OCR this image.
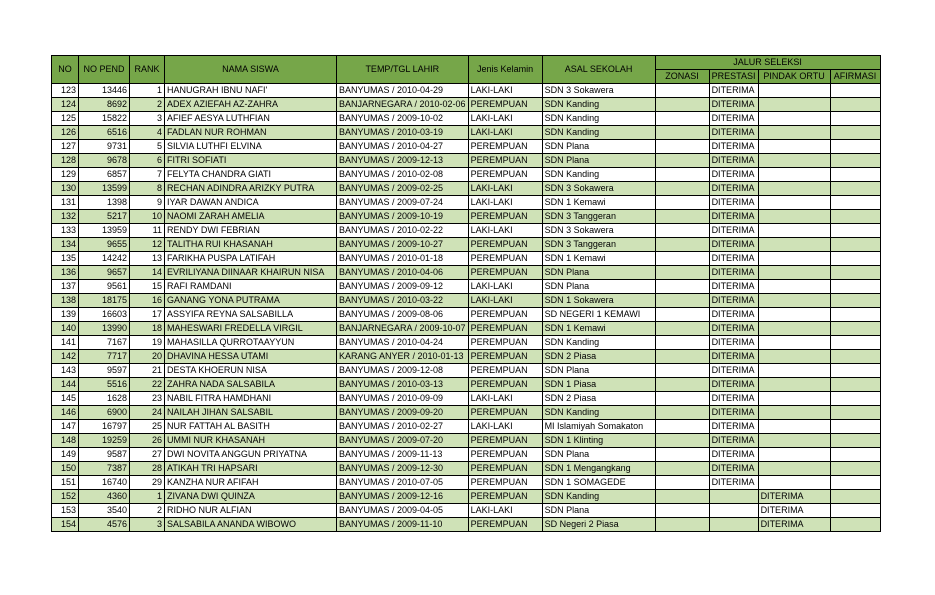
NO	NO PEND	RANK	NAMA SISWA	TEMP/TGL LAHIR	Jenis Kelamin	ASAL SEKOLAH	JALUR SELEKSI			
							ZONASI	PRESTASI	PINDAK ORTU	AFIRMASI
123	13446	1	HANUGRAH IBNU NAFI'	BANYUMAS / 2010-04-29	LAKI-LAKI	SDN 3 Sokawera		DITERIMA		
124	8692	2	ADEX AZIEFAH AZ-ZAHRA	BANJARNEGARA / 2010-02-06	PEREMPUAN	SDN Kanding		DITERIMA		
125	15822	3	AFIEF AESYA LUTHFIAN	BANYUMAS / 2009-10-02	LAKI-LAKI	SDN Kanding		DITERIMA		
126	6516	4	FADLAN NUR ROHMAN	BANYUMAS / 2010-03-19	LAKI-LAKI	SDN Kanding		DITERIMA		
127	9731	5	SILVIA LUTHFI ELVINA	BANYUMAS / 2010-04-27	PEREMPUAN	SDN Plana		DITERIMA		
128	9678	6	FITRI SOFIATI	BANYUMAS / 2009-12-13	PEREMPUAN	SDN Plana		DITERIMA		
129	6857	7	FELYTA CHANDRA GIATI	BANYUMAS / 2010-02-08	PEREMPUAN	SDN Kanding		DITERIMA		
130	13599	8	RECHAN ADINDRA ARIZKY PUTRA	BANYUMAS / 2009-02-25	LAKI-LAKI	SDN 3 Sokawera		DITERIMA		
131	1398	9	IYAR DAWAN ANDICA	BANYUMAS / 2009-07-24	LAKI-LAKI	SDN 1 Kemawi		DITERIMA		
132	5217	10	NAOMI ZARAH AMELIA	BANYUMAS / 2009-10-19	PEREMPUAN	SDN 3 Tanggeran		DITERIMA		
133	13959	11	RENDY DWI FEBRIAN	BANYUMAS / 2010-02-22	LAKI-LAKI	SDN 3 Sokawera		DITERIMA		
134	9655	12	TALITHA RUI KHASANAH	BANYUMAS / 2009-10-27	PEREMPUAN	SDN 3 Tanggeran		DITERIMA		
135	14242	13	FARIKHA PUSPA LATIFAH	BANYUMAS / 2010-01-18	PEREMPUAN	SDN 1 Kemawi		DITERIMA		
136	9657	14	EVRILIYANA DIINAAR KHAIRUN NISA	BANYUMAS / 2010-04-06	PEREMPUAN	SDN Plana		DITERIMA		
137	9561	15	RAFI RAMDANI	BANYUMAS / 2009-09-12	LAKI-LAKI	SDN Plana		DITERIMA		
138	18175	16	GANANG YONA PUTRAMA	BANYUMAS / 2010-03-22	LAKI-LAKI	SDN 1 Sokawera		DITERIMA		
139	16603	17	ASSYIFA REYNA SALSABILLA	BANYUMAS / 2009-08-06	PEREMPUAN	SD NEGERI 1 KEMAWI		DITERIMA		
140	13990	18	MAHESWARI FREDELLA VIRGIL	BANJARNEGARA / 2009-10-07	PEREMPUAN	SDN 1 Kemawi		DITERIMA		
141	7167	19	MAHASILLA QURROTAAYYUN	BANYUMAS / 2010-04-24	PEREMPUAN	SDN Kanding		DITERIMA		
142	7717	20	DHAVINA HESSA UTAMI	KARANG ANYER / 2010-01-13	PEREMPUAN	SDN 2 Piasa		DITERIMA		
143	9597	21	DESTA KHOERUN NISA	BANYUMAS / 2009-12-08	PEREMPUAN	SDN Plana		DITERIMA		
144	5516	22	ZAHRA NADA SALSABILA	BANYUMAS / 2010-03-13	PEREMPUAN	SDN 1 Piasa		DITERIMA		
145	1628	23	NABIL FITRA HAMDHANI	BANYUMAS / 2010-09-09	LAKI-LAKI	SDN 2 Piasa		DITERIMA		
146	6900	24	NAILAH JIHAN SALSABIL	BANYUMAS / 2009-09-20	PEREMPUAN	SDN Kanding		DITERIMA		
147	16797	25	NUR FATTAH AL BASITH	BANYUMAS / 2010-02-27	LAKI-LAKI	MI Islamiyah Somakaton		DITERIMA		
148	19259	26	UMMI NUR KHASANAH	BANYUMAS / 2009-07-20	PEREMPUAN	SDN 1 Klinting		DITERIMA		
149	9587	27	DWI NOVITA ANGGUN PRIYATNA	BANYUMAS / 2009-11-13	PEREMPUAN	SDN Plana		DITERIMA		
150	7387	28	ATIKAH TRI HAPSARI	BANYUMAS / 2009-12-30	PEREMPUAN	SDN 1 Mengangkang		DITERIMA		
151	16740	29	KANZHA NUR AFIFAH	BANYUMAS / 2010-07-05	PEREMPUAN	SDN 1 SOMAGEDE		DITERIMA		
152	4360	1	ZIVANA DWI QUINZA	BANYUMAS / 2009-12-16	PEREMPUAN	SDN Kanding			DITERIMA	
153	3540	2	RIDHO NUR ALFIAN	BANYUMAS / 2009-04-05	LAKI-LAKI	SDN Plana			DITERIMA	
154	4576	3	SALSABILA ANANDA WIBOWO	BANYUMAS / 2009-11-10	PEREMPUAN	SD Negeri 2 Piasa			DITERIMA	
